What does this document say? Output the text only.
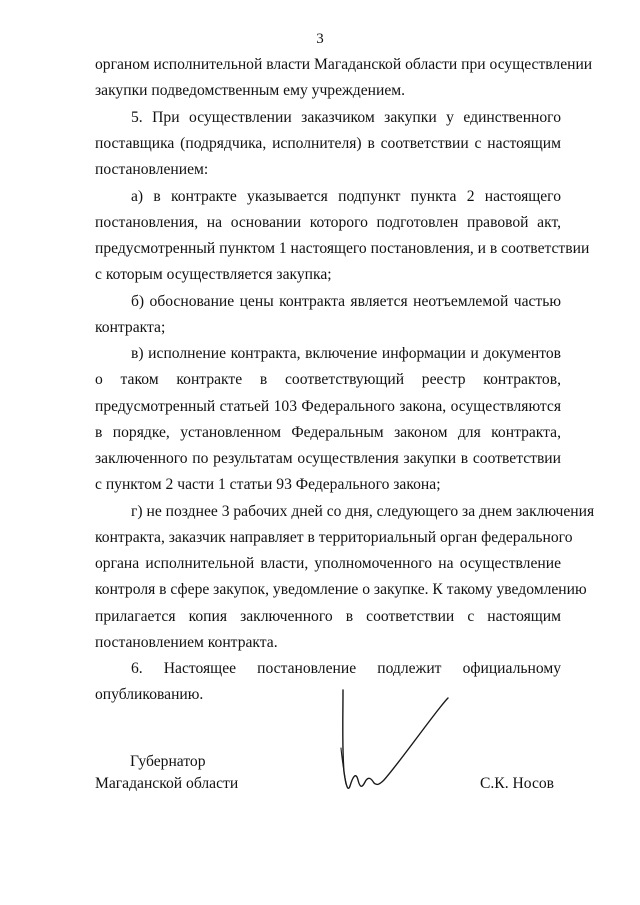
3
органом исполнительной власти Магаданской области при осуществлении
закупки подведомственным ему учреждением.
5. При осуществлении заказчиком закупки у единственного
поставщика (подрядчика, исполнителя) в соответствии с настоящим
постановлением:
а) в контракте указывается подпункт пункта 2 настоящего
постановления, на основании которого подготовлен правовой акт,
предусмотренный пунктом 1 настоящего постановления, и в соответствии
с которым осуществляется закупка;
б) обоснование цены контракта является неотъемлемой частью
контракта;
в) исполнение контракта, включение информации и документов
о таком контракте в соответствующий реестр контрактов,
предусмотренный статьей 103 Федерального закона, осуществляются
в порядке, установленном Федеральным законом для контракта,
заключенного по результатам осуществления закупки в соответствии
с пунктом 2 части 1 статьи 93 Федерального закона;
г) не позднее 3 рабочих дней со дня, следующего за днем заключения
контракта, заказчик направляет в территориальный орган федерального
органа исполнительной власти, уполномоченного на осуществление
контроля в сфере закупок, уведомление о закупке. К такому уведомлению
прилагается копия заключенного в соответствии с настоящим
постановлением контракта.
6. Настоящее постановление подлежит официальному
опубликованию.
Губернатор
Магаданской области	С.К. Носов
